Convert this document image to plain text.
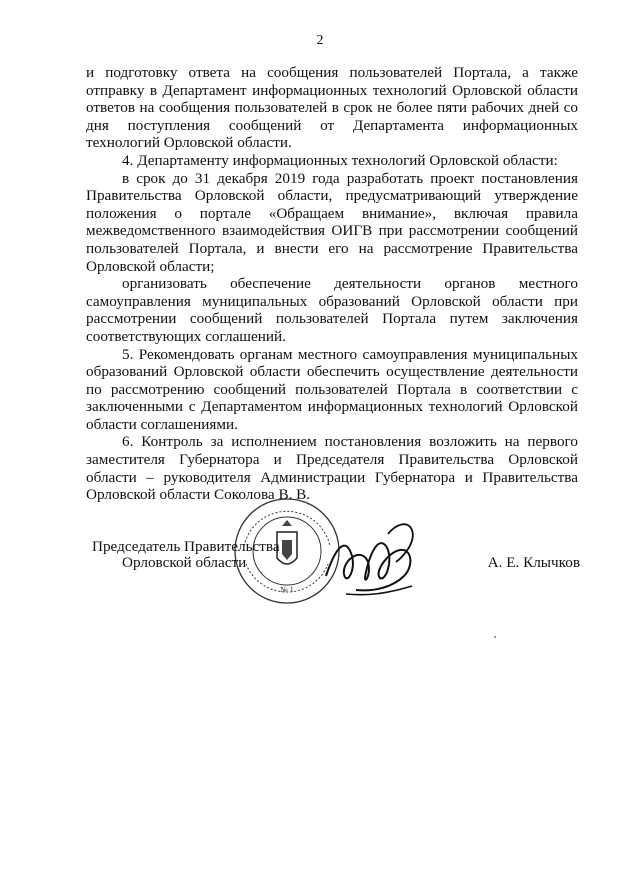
2

и подготовку ответа на сообщения пользователей Портала, а также отправку в Департамент информационных технологий Орловской области ответов на сообщения пользователей в срок не более пяти рабочих дней со дня поступления сообщений от Департамента информационных технологий Орловской области.

4. Департаменту информационных технологий Орловской области:

в срок до 31 декабря 2019 года разработать проект постановления Правительства Орловской области, предусматривающий утверждение положения о портале «Обращаем внимание», включая правила межведомственного взаимодействия ОИГВ при рассмотрении сообщений пользователей Портала, и внести его на рассмотрение Правительства Орловской области;

организовать обеспечение деятельности органов местного самоуправления муниципальных образований Орловской области при рассмотрении сообщений пользователей Портала путем заключения соответствующих соглашений.

5. Рекомендовать органам местного самоуправления муниципальных образований Орловской области обеспечить осуществление деятельности по рассмотрению сообщений пользователей Портала в соответствии с заключенными с Департаментом информационных технологий Орловской области соглашениями.

6. Контроль за исполнением постановления возложить на первого заместителя Губернатора и Председателя Правительства Орловской области – руководителя Администрации Губернатора и Правительства Орловской области Соколова В. В.

№ 1
Председатель Правительства
Орловской области	А. Е. Клычков
